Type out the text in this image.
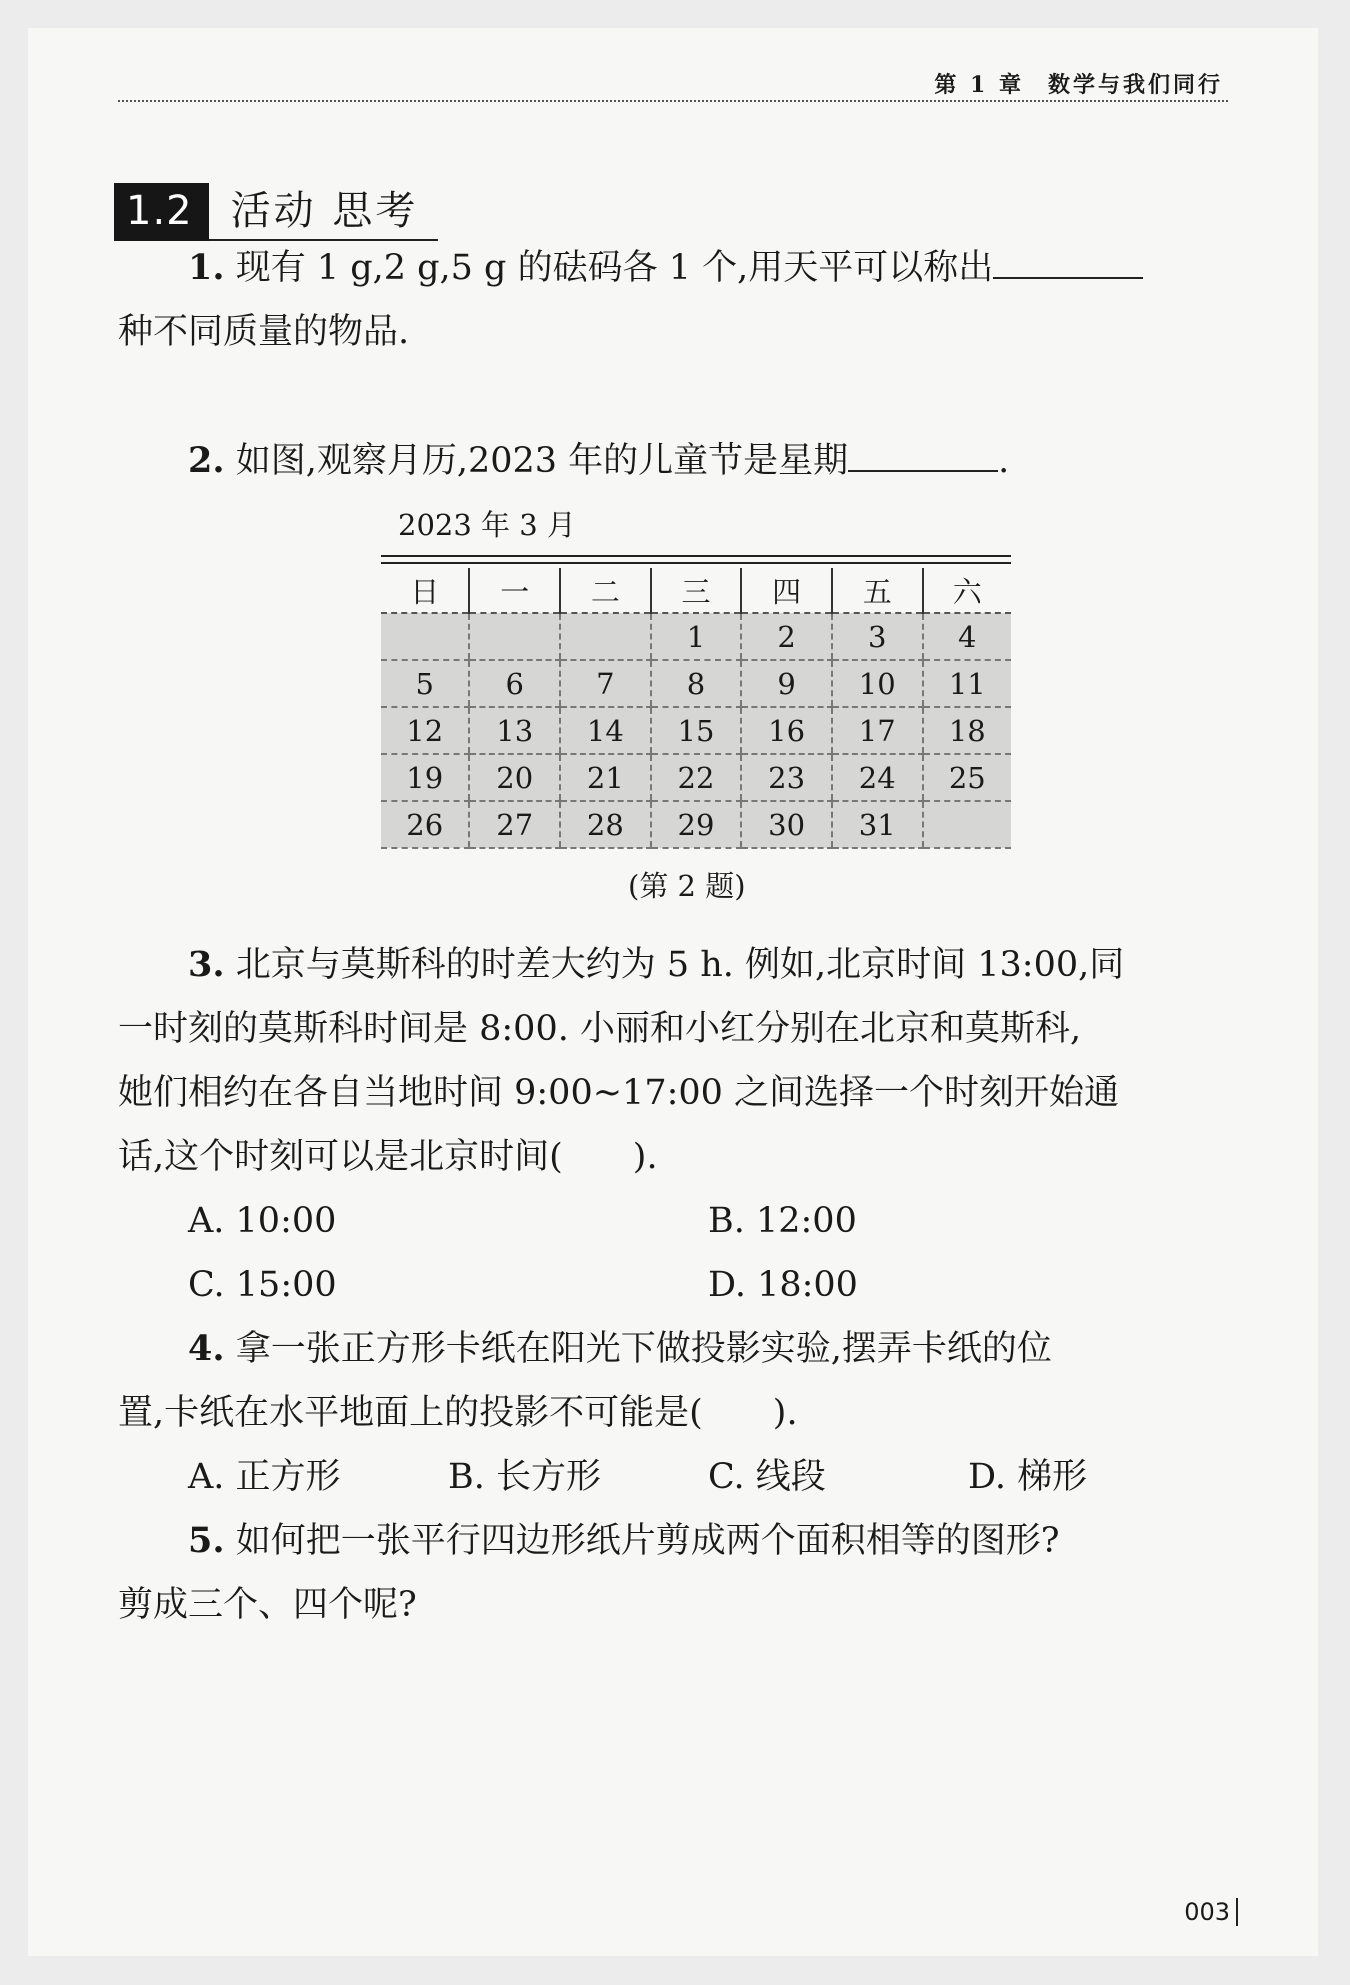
第 1 章 数学与我们同行
1.2 活动 思考
1. 现有 1 g,2 g,5 g 的砝码各 1 个,用天平可以称出
种不同质量的物品.
2. 如图,观察月历,2023 年的儿童节是星期	.
2023 年 3 月
日	一	二	三	四	五	六
			1	2	3	4
5	6	7	8	9	10	11
12	13	14	15	16	17	18
19	20	21	22	23	24	25
26	27	28	29	30	31	
(第 2 题)
3. 北京与莫斯科的时差大约为 5 h. 例如,北京时间 13:00,同
一时刻的莫斯科时间是 8:00. 小丽和小红分别在北京和莫斯科,
她们相约在各自当地时间 9:00~17:00 之间选择一个时刻开始通
话,这个时刻可以是北京时间( ).
A. 10:00	B. 12:00
C. 15:00	D. 18:00
4. 拿一张正方形卡纸在阳光下做投影实验,摆弄卡纸的位
置,卡纸在水平地面上的投影不可能是( ).
A. 正方形	B. 长方形	C. 线段	D. 梯形
5. 如何把一张平行四边形纸片剪成两个面积相等的图形?
剪成三个、四个呢?
003
